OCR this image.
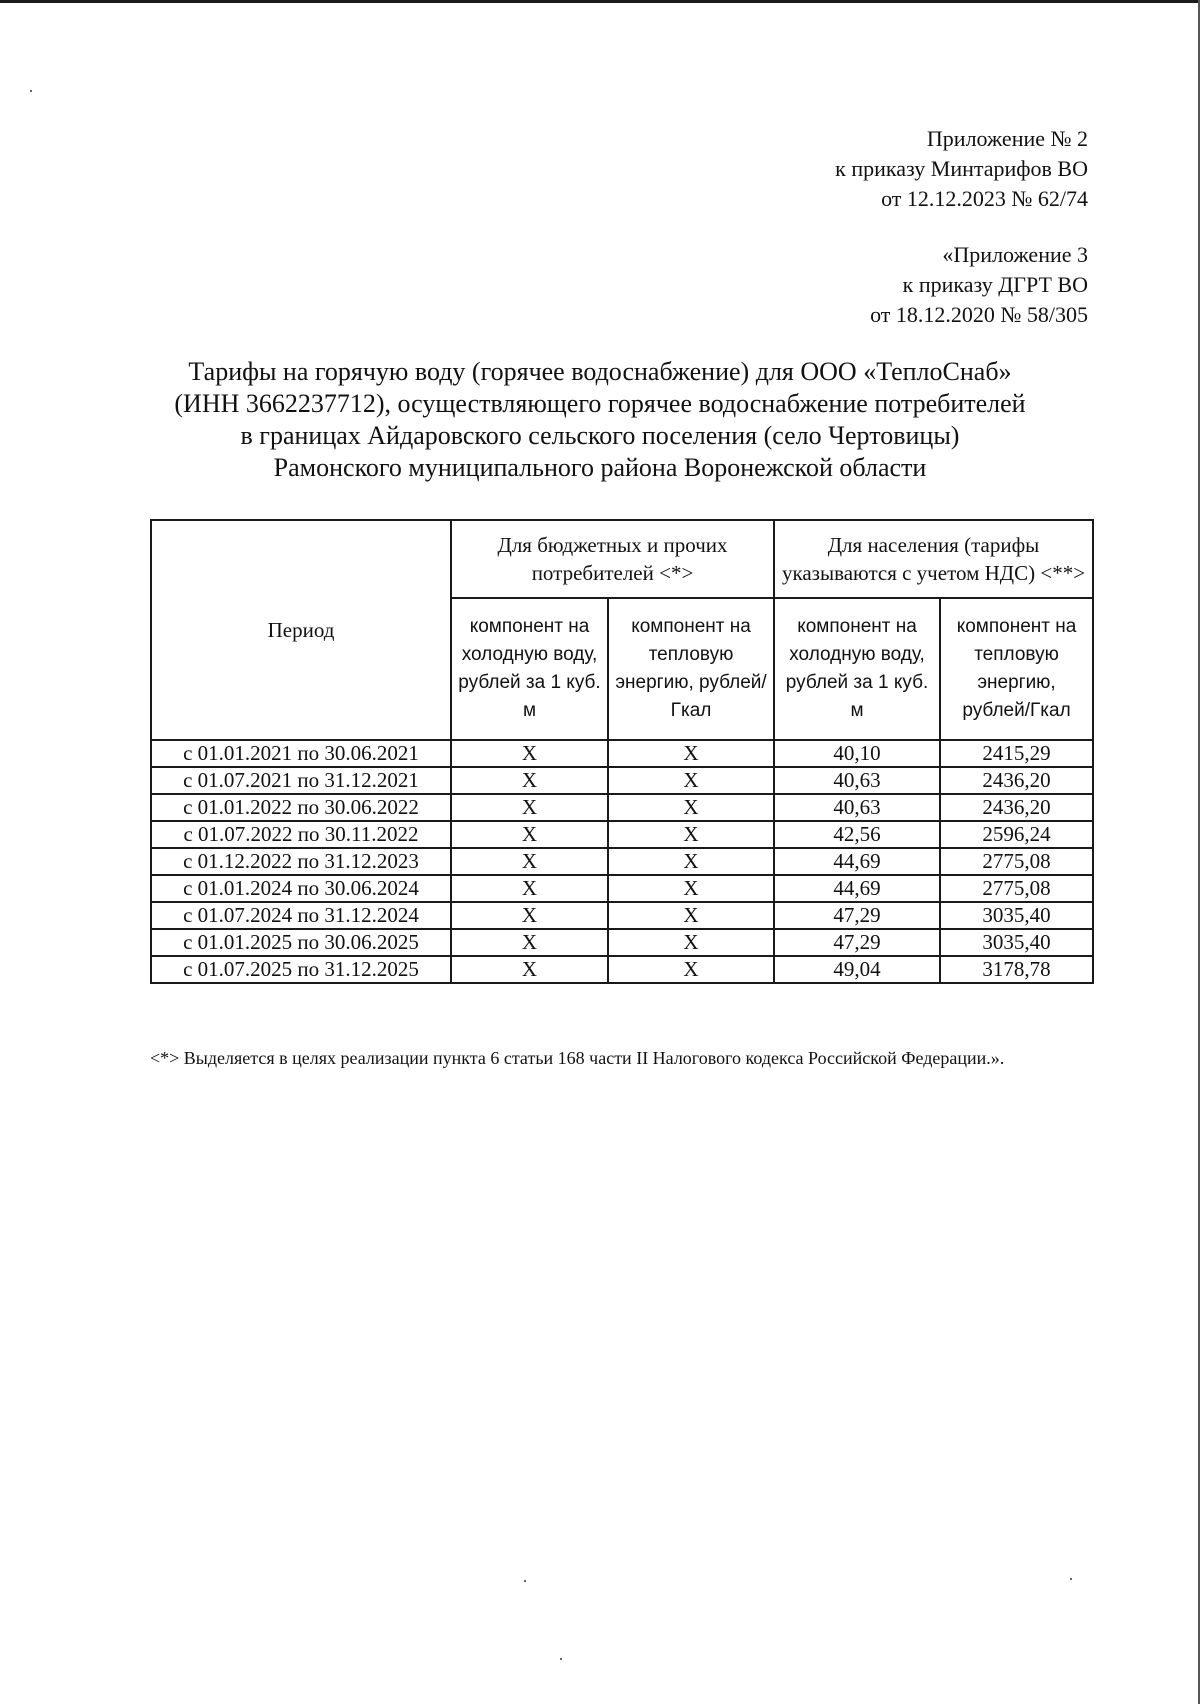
Приложение № 2
к приказу Минтарифов ВО
от 12.12.2023 № 62/74
«Приложение 3
к приказу ДГРТ ВО
от 18.12.2020 № 58/305
Тарифы на горячую воду (горячее водоснабжение) для ООО «ТеплоСнаб»
(ИНН 3662237712), осуществляющего горячее водоснабжение потребителей
в границах Айдаровского сельского поселения (село Чертовицы)
Рамонского муниципального района Воронежской области
Период	Для бюджетных и прочих потребителей <*>		Для населения (тарифы указываются с учетом НДС) <**>	
	компонент на холодную воду, рублей за 1 куб. м	компонент на тепловую энергию, рублей/Гкал	компонент на холодную воду, рублей за 1 куб. м	компонент на тепловую энергию, рублей/Гкал
с 01.01.2021 по 30.06.2021	Х	Х	40,10	2415,29
с 01.07.2021 по 31.12.2021	Х	Х	40,63	2436,20
с 01.01.2022 по 30.06.2022	Х	Х	40,63	2436,20
с 01.07.2022 по 30.11.2022	Х	Х	42,56	2596,24
с 01.12.2022 по 31.12.2023	Х	Х	44,69	2775,08
с 01.01.2024 по 30.06.2024	Х	Х	44,69	2775,08
с 01.07.2024 по 31.12.2024	Х	Х	47,29	3035,40
с 01.01.2025 по 30.06.2025	Х	Х	47,29	3035,40
с 01.07.2025 по 31.12.2025	Х	Х	49,04	3178,78
<*> Выделяется в целях реализации пункта 6 статьи 168 части II Налогового кодекса Российской Федерации.».
